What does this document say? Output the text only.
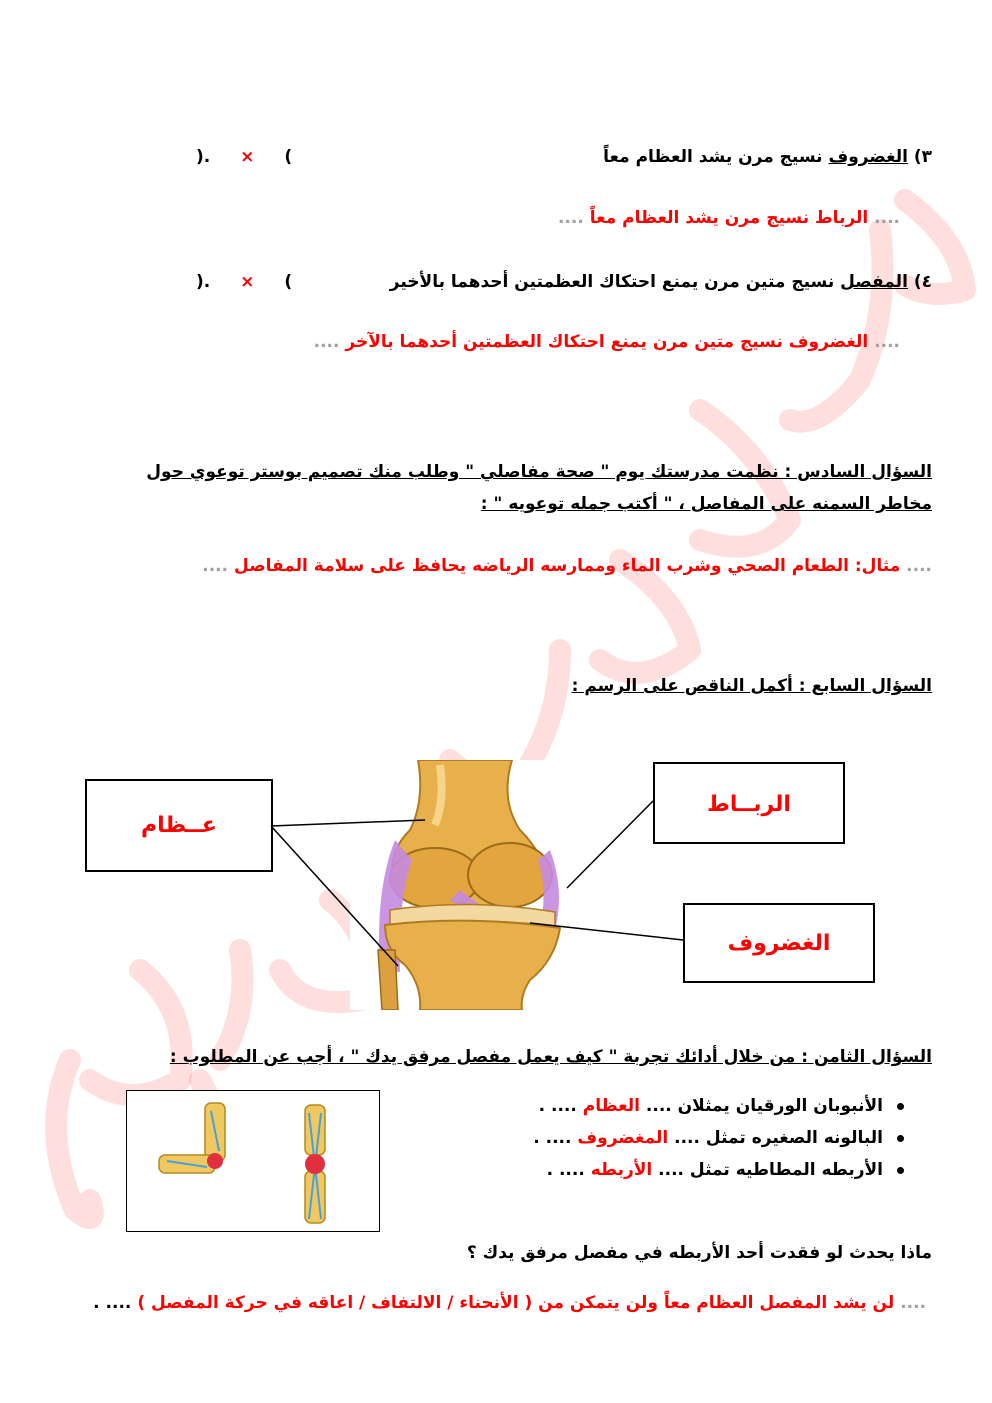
٣) الغضروف نسيج مرن يشد العظام معاً
). × (
.... الرباط نسيج مرن يشد العظام معاً ....
٤) المفصل نسيج متين مرن يمنع احتكاك العظمتين أحدهما بالأخير
). × (
.... الغضروف نسيج متين مرن يمنع احتكاك العظمتين أحدهما بالآخر ....
السؤال السادس : نظمت مدرستك يوم " صحة مفاصلي " وطلب منك تصميم بوستر توعوي حول
مخاطر السمنه على المفاصل ، " أكتب جمله توعويه " :
.... مثال: الطعام الصحي وشرب الماء وممارسه الرياضه يحافظ على سلامة المفاصل ....
السؤال السابع : أكمل الناقص على الرسم :
عــظام
الربــاط
الغضروف
السؤال الثامن : من خلال أدائك تجربة " كيف يعمل مفصل مرفق يدك " ، أجب عن المطلوب :
الأنبوبان الورقيان يمثلان .... العظام .... .
البالونه الصغيره تمثل .... المغضروف .... .
الأربطه المطاطيه تمثل .... الأربطه .... .
ماذا يحدث لو فقدت أحد الأربطه في مفصل مرفق يدك ؟
.... لن يشد المفصل العظام معاً ولن يتمكن من ( الأنحناء / الالتفاف / اعاقه في حركة المفصل ) .... .
